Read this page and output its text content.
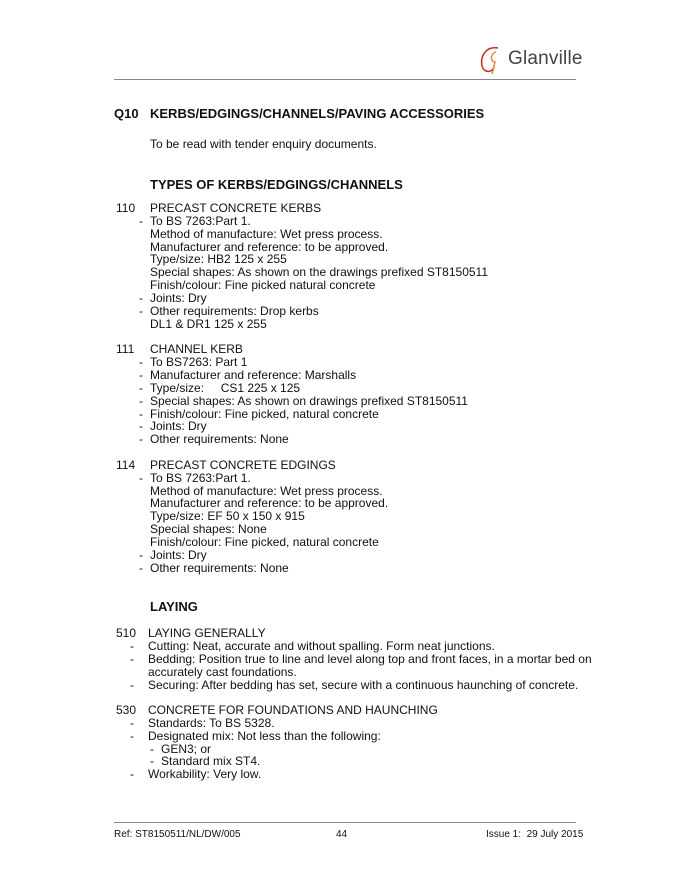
Glanville
Q10 KERBS/EDGINGS/CHANNELS/PAVING ACCESSORIES
To be read with tender enquiry documents.
TYPES OF KERBS/EDGINGS/CHANNELS
110 PRECAST CONCRETE KERBS
- To BS 7263:Part 1.
Method of manufacture: Wet press process.
Manufacturer and reference: to be approved.
Type/size: HB2 125 x 255
Special shapes: As shown on the drawings prefixed ST8150511
Finish/colour: Fine picked natural concrete
- Joints: Dry
- Other requirements: Drop kerbs
DL1 & DR1 125 x 255
111 CHANNEL KERB
- To BS7263: Part 1
- Manufacturer and reference: Marshalls
- Type/size:     CS1 225 x 125
- Special shapes: As shown on drawings prefixed ST8150511
- Finish/colour: Fine picked, natural concrete
- Joints: Dry
- Other requirements: None
114 PRECAST CONCRETE EDGINGS
- To BS 7263:Part 1.
Method of manufacture: Wet press process.
Manufacturer and reference: to be approved.
Type/size: EF 50 x 150 x 915
Special shapes: None
Finish/colour: Fine picked, natural concrete
- Joints: Dry
- Other requirements: None
LAYING
510 LAYING GENERALLY
- Cutting: Neat, accurate and without spalling. Form neat junctions.
- Bedding: Position true to line and level along top and front faces, in a mortar bed on
accurately cast foundations.
- Securing: After bedding has set, secure with a continuous haunching of concrete.
530 CONCRETE FOR FOUNDATIONS AND HAUNCHING
- Standards: To BS 5328.
- Designated mix: Not less than the following:
- GEN3; or
- Standard mix ST4.
- Workability: Very low.
Ref: ST8150511/NL/DW/005	44	Issue 1:  29 July 2015
